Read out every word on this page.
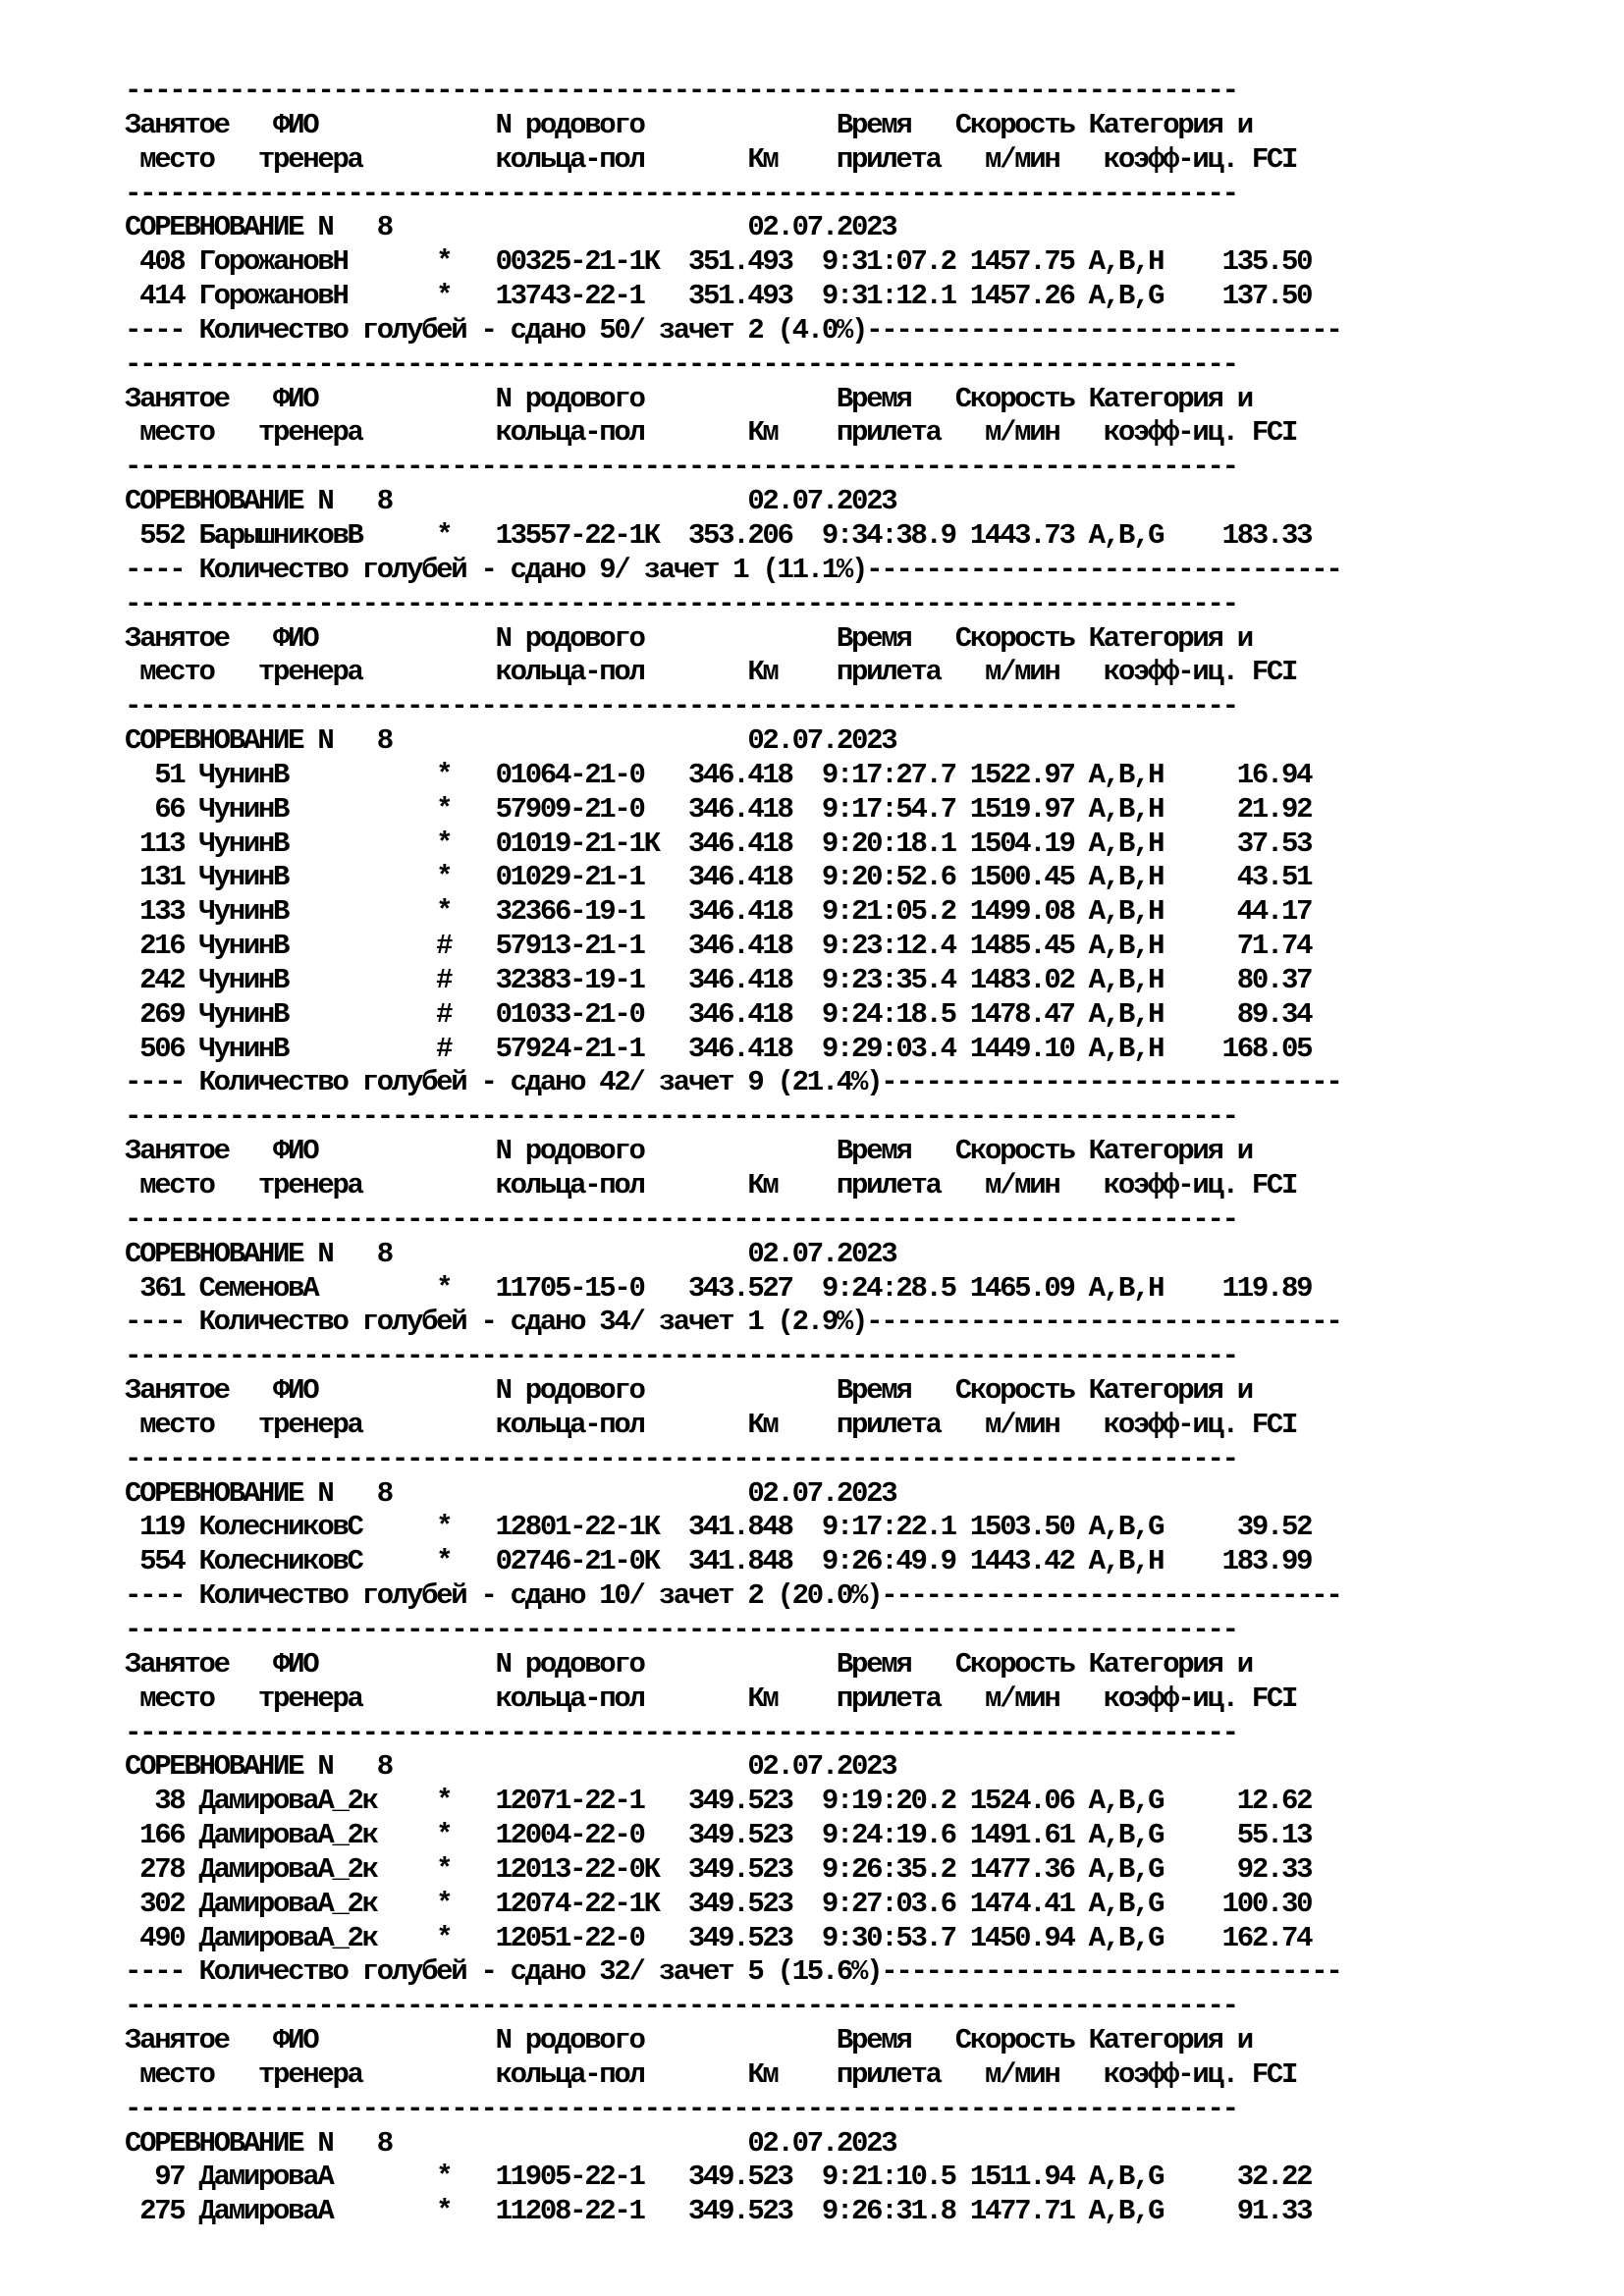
---------------------------------------------------------------------------
Занятое   ФИО            N родового             Время   Скорость Категория и
место   тренера         кольца-пол       Км    прилета   м/мин   коэфф-иц. FCI
---------------------------------------------------------------------------
СОРЕВНОВАНИЕ N   8                        02.07.2023
408 ГорожановН      *   00325-21-1К  351.493  9:31:07.2 1457.75 A,B,H    135.50
414 ГорожановН      *   13743-22-1   351.493  9:31:12.1 1457.26 A,B,G    137.50
---- Количество голубей - сдано 50/ зачет 2 (4.0%)--------------------------------
---------------------------------------------------------------------------
Занятое   ФИО            N родового             Время   Скорость Категория и
место   тренера         кольца-пол       Км    прилета   м/мин   коэфф-иц. FCI
---------------------------------------------------------------------------
СОРЕВНОВАНИЕ N   8                        02.07.2023
552 БарышниковВ     *   13557-22-1К  353.206  9:34:38.9 1443.73 A,B,G    183.33
---- Количество голубей - сдано 9/ зачет 1 (11.1%)--------------------------------
---------------------------------------------------------------------------
Занятое   ФИО            N родового             Время   Скорость Категория и
место   тренера         кольца-пол       Км    прилета   м/мин   коэфф-иц. FCI
---------------------------------------------------------------------------
СОРЕВНОВАНИЕ N   8                        02.07.2023
51 ЧунинВ          *   01064-21-0   346.418  9:17:27.7 1522.97 A,B,H     16.94
66 ЧунинВ          *   57909-21-0   346.418  9:17:54.7 1519.97 A,B,H     21.92
113 ЧунинВ          *   01019-21-1К  346.418  9:20:18.1 1504.19 A,B,H     37.53
131 ЧунинВ          *   01029-21-1   346.418  9:20:52.6 1500.45 A,B,H     43.51
133 ЧунинВ          *   32366-19-1   346.418  9:21:05.2 1499.08 A,B,H     44.17
216 ЧунинВ          #   57913-21-1   346.418  9:23:12.4 1485.45 A,B,H     71.74
242 ЧунинВ          #   32383-19-1   346.418  9:23:35.4 1483.02 A,B,H     80.37
269 ЧунинВ          #   01033-21-0   346.418  9:24:18.5 1478.47 A,B,H     89.34
506 ЧунинВ          #   57924-21-1   346.418  9:29:03.4 1449.10 A,B,H    168.05
---- Количество голубей - сдано 42/ зачет 9 (21.4%)-------------------------------
---------------------------------------------------------------------------
Занятое   ФИО            N родового             Время   Скорость Категория и
место   тренера         кольца-пол       Км    прилета   м/мин   коэфф-иц. FCI
---------------------------------------------------------------------------
СОРЕВНОВАНИЕ N   8                        02.07.2023
361 СеменовА        *   11705-15-0   343.527  9:24:28.5 1465.09 A,B,H    119.89
---- Количество голубей - сдано 34/ зачет 1 (2.9%)--------------------------------
---------------------------------------------------------------------------
Занятое   ФИО            N родового             Время   Скорость Категория и
место   тренера         кольца-пол       Км    прилета   м/мин   коэфф-иц. FCI
---------------------------------------------------------------------------
СОРЕВНОВАНИЕ N   8                        02.07.2023
119 КолесниковС     *   12801-22-1К  341.848  9:17:22.1 1503.50 A,B,G     39.52
554 КолесниковС     *   02746-21-0К  341.848  9:26:49.9 1443.42 A,B,H    183.99
---- Количество голубей - сдано 10/ зачет 2 (20.0%)-------------------------------
---------------------------------------------------------------------------
Занятое   ФИО            N родового             Время   Скорость Категория и
место   тренера         кольца-пол       Км    прилета   м/мин   коэфф-иц. FCI
---------------------------------------------------------------------------
СОРЕВНОВАНИЕ N   8                        02.07.2023
38 ДамироваА_2к    *   12071-22-1   349.523  9:19:20.2 1524.06 A,B,G     12.62
166 ДамироваА_2к    *   12004-22-0   349.523  9:24:19.6 1491.61 A,B,G     55.13
278 ДамироваА_2к    *   12013-22-0К  349.523  9:26:35.2 1477.36 A,B,G     92.33
302 ДамироваА_2к    *   12074-22-1К  349.523  9:27:03.6 1474.41 A,B,G    100.30
490 ДамироваА_2к    *   12051-22-0   349.523  9:30:53.7 1450.94 A,B,G    162.74
---- Количество голубей - сдано 32/ зачет 5 (15.6%)-------------------------------
---------------------------------------------------------------------------
Занятое   ФИО            N родового             Время   Скорость Категория и
место   тренера         кольца-пол       Км    прилета   м/мин   коэфф-иц. FCI
---------------------------------------------------------------------------
СОРЕВНОВАНИЕ N   8                        02.07.2023
97 ДамироваА       *   11905-22-1   349.523  9:21:10.5 1511.94 A,B,G     32.22
275 ДамироваА       *   11208-22-1   349.523  9:26:31.8 1477.71 A,B,G     91.33
